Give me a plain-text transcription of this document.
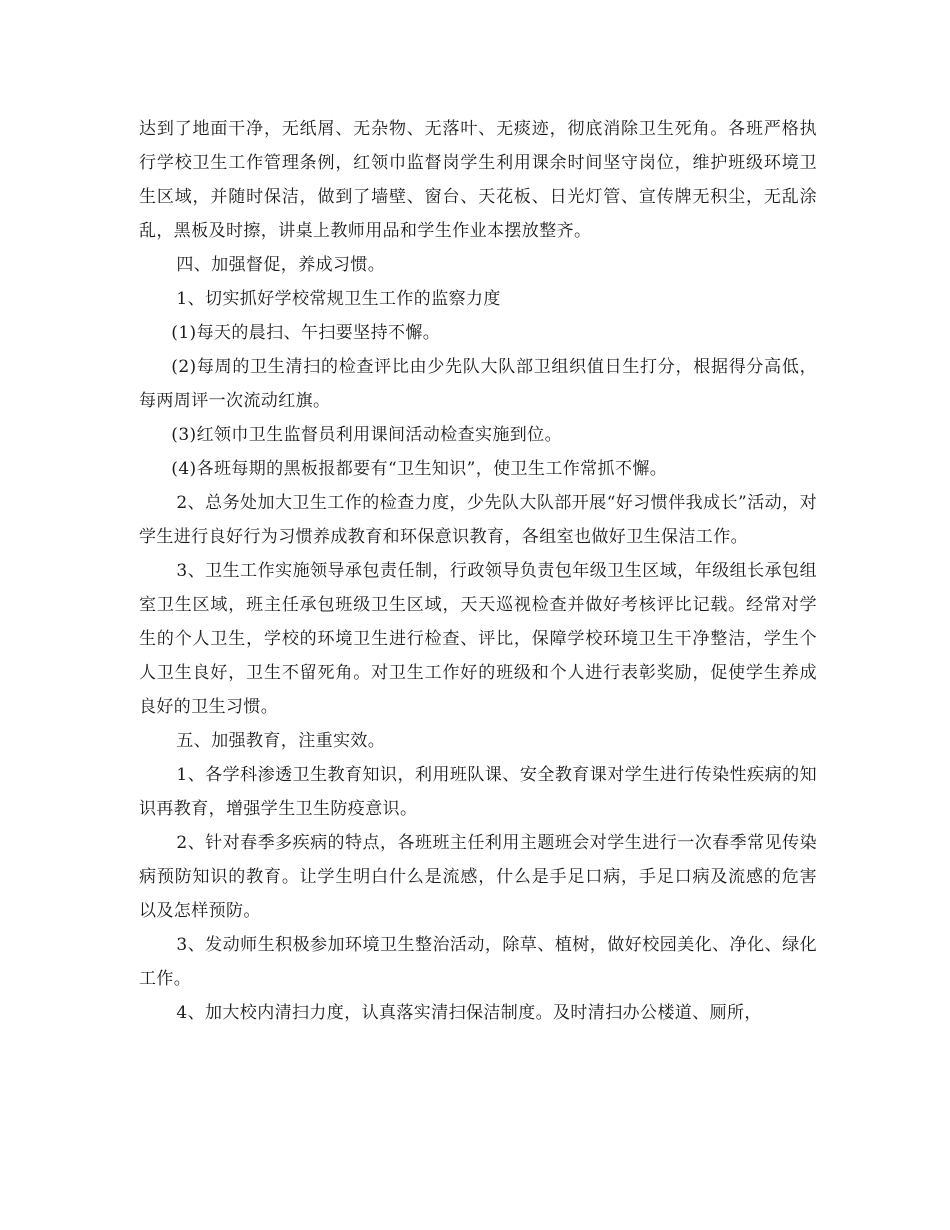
达到了地面干净，无纸屑、无杂物、无落叶、无痰迹，彻底消除卫生死角。各班严格执行学校卫生工作管理条例，红领巾监督岗学生利用课余时间坚守岗位，维护班级环境卫生区域，并随时保洁，做到了墙壁、窗台、天花板、日光灯管、宣传牌无积尘，无乱涂乱，黑板及时擦，讲桌上教师用品和学生作业本摆放整齐。

四、加强督促，养成习惯。

1、切实抓好学校常规卫生工作的监察力度

(1)每天的晨扫、午扫要坚持不懈。

(2)每周的卫生清扫的检查评比由少先队大队部卫组织值日生打分，根据得分高低，每两周评一次流动红旗。

(3)红领巾卫生监督员利用课间活动检查实施到位。

(4)各班每期的黑板报都要有“卫生知识”，使卫生工作常抓不懈。

2、总务处加大卫生工作的检查力度，少先队大队部开展“好习惯伴我成长”活动，对学生进行良好行为习惯养成教育和环保意识教育，各组室也做好卫生保洁工作。

3、卫生工作实施领导承包责任制，行政领导负责包年级卫生区域，年级组长承包组室卫生区域，班主任承包班级卫生区域，天天巡视检查并做好考核评比记载。经常对学生的个人卫生，学校的环境卫生进行检查、评比，保障学校环境卫生干净整洁，学生个人卫生良好，卫生不留死角。对卫生工作好的班级和个人进行表彰奖励，促使学生养成良好的卫生习惯。

五、加强教育，注重实效。

1、各学科渗透卫生教育知识，利用班队课、安全教育课对学生进行传染性疾病的知识再教育，增强学生卫生防疫意识。

2、针对春季多疾病的特点，各班班主任利用主题班会对学生进行一次春季常见传染病预防知识的教育。让学生明白什么是流感，什么是手足口病，手足口病及流感的危害以及怎样预防。

3、发动师生积极参加环境卫生整治活动，除草、植树，做好校园美化、净化、绿化工作。

4、加大校内清扫力度，认真落实清扫保洁制度。及时清扫办公楼道、厕所，
